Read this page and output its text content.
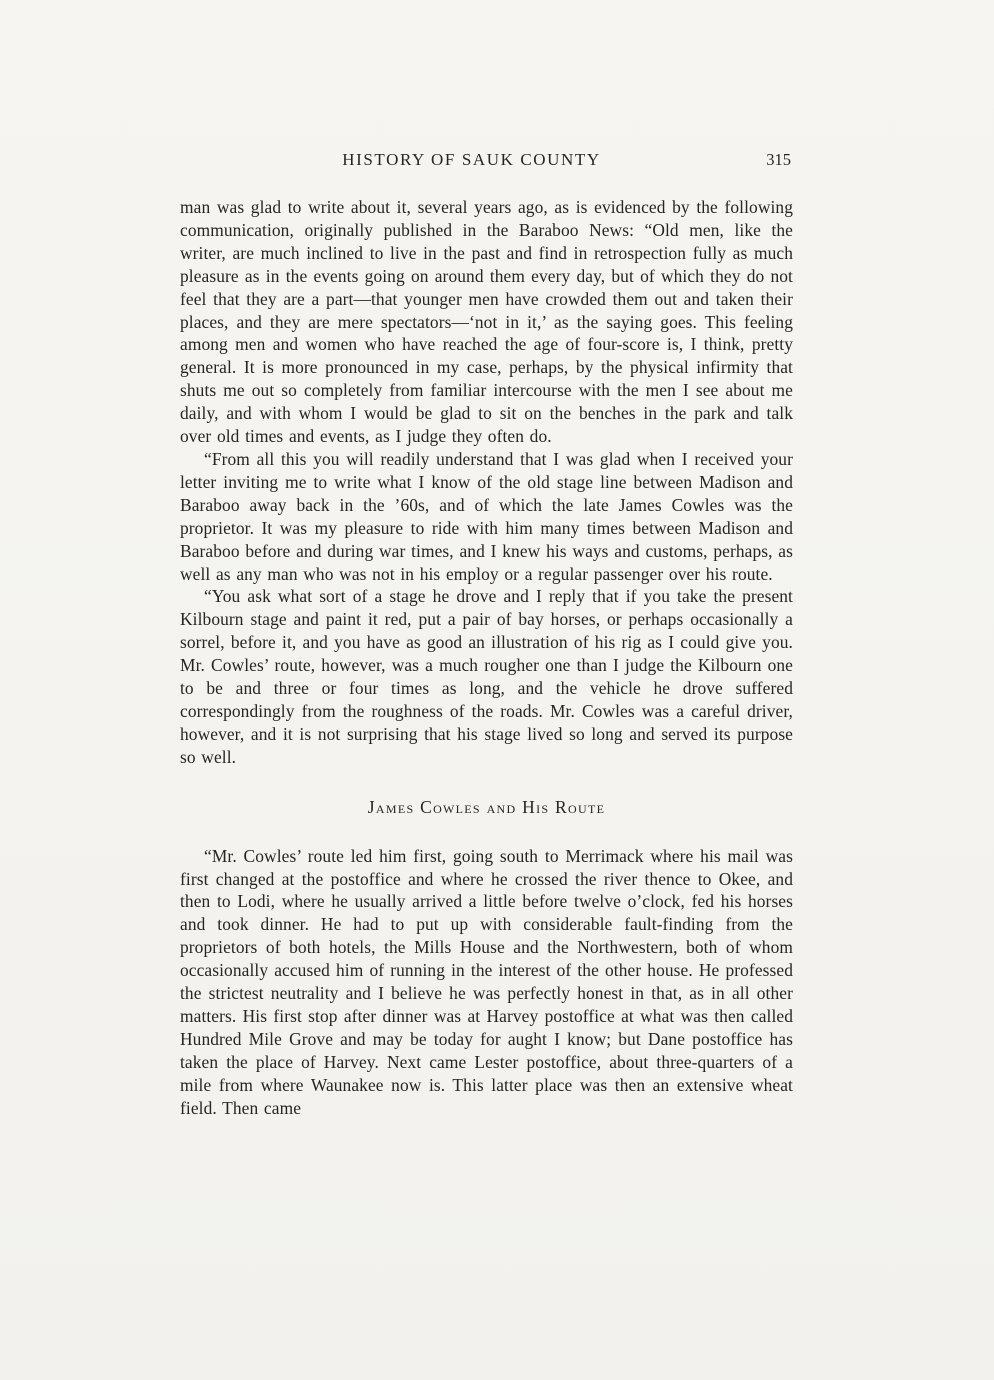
HISTORY OF SAUK COUNTY	315

man was glad to write about it, several years ago, as is evidenced by the following communication, originally published in the Baraboo News: “Old men, like the writer, are much inclined to live in the past and find in retrospection fully as much pleasure as in the events going on around them every day, but of which they do not feel that they are a part—that younger men have crowded them out and taken their places, and they are mere spectators—‘not in it,’ as the saying goes. This feeling among men and women who have reached the age of four-score is, I think, pretty general. It is more pronounced in my case, perhaps, by the physical infirmity that shuts me out so completely from familiar intercourse with the men I see about me daily, and with whom I would be glad to sit on the benches in the park and talk over old times and events, as I judge they often do.

“From all this you will readily understand that I was glad when I received your letter inviting me to write what I know of the old stage line between Madison and Baraboo away back in the ’60s, and of which the late James Cowles was the proprietor. It was my pleasure to ride with him many times between Madison and Baraboo before and during war times, and I knew his ways and customs, perhaps, as well as any man who was not in his employ or a regular passenger over his route.

“You ask what sort of a stage he drove and I reply that if you take the present Kilbourn stage and paint it red, put a pair of bay horses, or perhaps occasionally a sorrel, before it, and you have as good an illustration of his rig as I could give you. Mr. Cowles’ route, however, was a much rougher one than I judge the Kilbourn one to be and three or four times as long, and the vehicle he drove suffered correspondingly from the roughness of the roads. Mr. Cowles was a careful driver, however, and it is not surprising that his stage lived so long and served its purpose so well.

James Cowles and His Route

“Mr. Cowles’ route led him first, going south to Merrimack where his mail was first changed at the postoffice and where he crossed the river thence to Okee, and then to Lodi, where he usually arrived a little before twelve o’clock, fed his horses and took dinner. He had to put up with considerable fault-finding from the proprietors of both hotels, the Mills House and the Northwestern, both of whom occasionally accused him of running in the interest of the other house. He professed the strictest neutrality and I believe he was perfectly honest in that, as in all other matters. His first stop after dinner was at Harvey postoffice at what was then called Hundred Mile Grove and may be today for aught I know; but Dane postoffice has taken the place of Harvey. Next came Lester postoffice, about three-quarters of a mile from where Waunakee now is. This latter place was then an extensive wheat field. Then came
